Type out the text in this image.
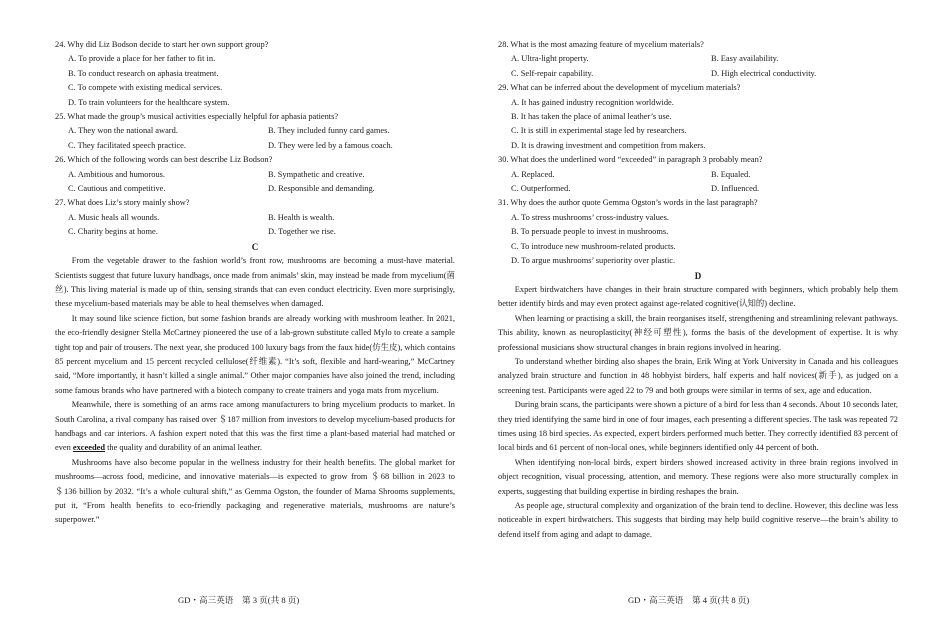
24. Why did Liz Bodson decide to start her own support group?

A. To provide a place for her father to fit in.

B. To conduct research on aphasia treatment.

C. To compete with existing medical services.

D. To train volunteers for the healthcare system.

25. What made the group’s musical activities especially helpful for aphasia patients?

A. They won the national award.	B. They included funny card games.
C. They facilitated speech practice.	D. They were led by a famous coach.

26. Which of the following words can best describe Liz Bodson?

A. Ambitious and humorous.	B. Sympathetic and creative.
C. Cautious and competitive.	D. Responsible and demanding.

27. What does Liz’s story mainly show?

A. Music heals all wounds.	B. Health is wealth.
C. Charity begins at home.	D. Together we rise.

C

From the vegetable drawer to the fashion world’s front row, mushrooms are becoming a must-have material. Scientists suggest that future luxury handbags, once made from animals’ skin, may instead be made from mycelium(菌丝). This living material is made up of thin, sensing strands that can even conduct electricity. Even more surprisingly, these mycelium-based materials may be able to heal themselves when damaged.

It may sound like science fiction, but some fashion brands are already working with mushroom leather. In 2021, the eco-friendly designer Stella McCartney pioneered the use of a lab-grown substitute called Mylo to create a sample tight top and pair of trousers. The next year, she produced 100 luxury bags from the faux hide(仿生皮), which contains 85 percent mycelium and 15 percent recycled cellulose(纤维素). “It’s soft, flexible and hard-wearing,” McCartney said, “More importantly, it hasn’t killed a single animal.” Other major companies have also joined the trend, including some famous brands who have partnered with a biotech company to create trainers and yoga mats from mycelium.

Meanwhile, there is something of an arms race among manufacturers to bring mycelium products to market. In South Carolina, a rival company has raised over ＄187 million from investors to develop mycelium-based products for handbags and car interiors. A fashion expert noted that this was the first time a plant-based material had matched or even exceeded the quality and durability of an animal leather.

Mushrooms have also become popular in the wellness industry for their health benefits. The global market for mushrooms—across food, medicine, and innovative materials—is expected to grow from ＄68 billion in 2023 to ＄136 billion by 2032. “It’s a whole cultural shift,” as Gemma Ogston, the founder of Mama Shrooms supplements, put it, “From health benefits to eco-friendly packaging and regenerative materials, mushrooms are nature’s superpower.”

28. What is the most amazing feature of mycelium materials?

A. Ultra-light property.	B. Easy availability.
C. Self-repair capability.	D. High electrical conductivity.

29. What can be inferred about the development of mycelium materials?

A. It has gained industry recognition worldwide.

B. It has taken the place of animal leather’s use.

C. It is still in experimental stage led by researchers.

D. It is drawing investment and competition from makers.

30. What does the underlined word “exceeded” in paragraph 3 probably mean?

A. Replaced.	B. Equaled.
C. Outperformed.	D. Influenced.

31. Why does the author quote Gemma Ogston’s words in the last paragraph?

A. To stress mushrooms’ cross-industry values.

B. To persuade people to invest in mushrooms.

C. To introduce new mushroom-related products.

D. To argue mushrooms’ superiority over plastic.

D

Expert birdwatchers have changes in their brain structure compared with beginners, which probably help them better identify birds and may even protect against age-related cognitive(认知的) decline.

When learning or practising a skill, the brain reorganises itself, strengthening and streamlining relevant pathways. This ability, known as neuroplasticity(神经可塑性), forms the basis of the development of expertise. It is why professional musicians show structural changes in brain regions involved in hearing.

To understand whether birding also shapes the brain, Erik Wing at York University in Canada and his colleagues analyzed brain structure and function in 48 hobbyist birders, half experts and half novices(新手), as judged on a screening test. Participants were aged 22 to 79 and both groups were similar in terms of sex, age and education.

During brain scans, the participants were shown a picture of a bird for less than 4 seconds. About 10 seconds later, they tried identifying the same bird in one of four images, each presenting a different species. The task was repeated 72 times using 18 bird species. As expected, expert birders performed much better. They correctly identified 83 percent of local birds and 61 percent of non-local ones, while beginners identified only 44 percent of both.

When identifying non-local birds, expert birders showed increased activity in three brain regions involved in object recognition, visual processing, attention, and memory. These regions were also more structurally complex in experts, suggesting that building expertise in birding reshapes the brain.

As people age, structural complexity and organization of the brain tend to decline. However, this decline was less noticeable in expert birdwatchers. This suggests that birding may help build cognitive reserve—the brain’s ability to defend itself from aging and adapt to damage.

GD・高三英语　第 3 页(共 8 页)	GD・高三英语　第 4 页(共 8 页)
